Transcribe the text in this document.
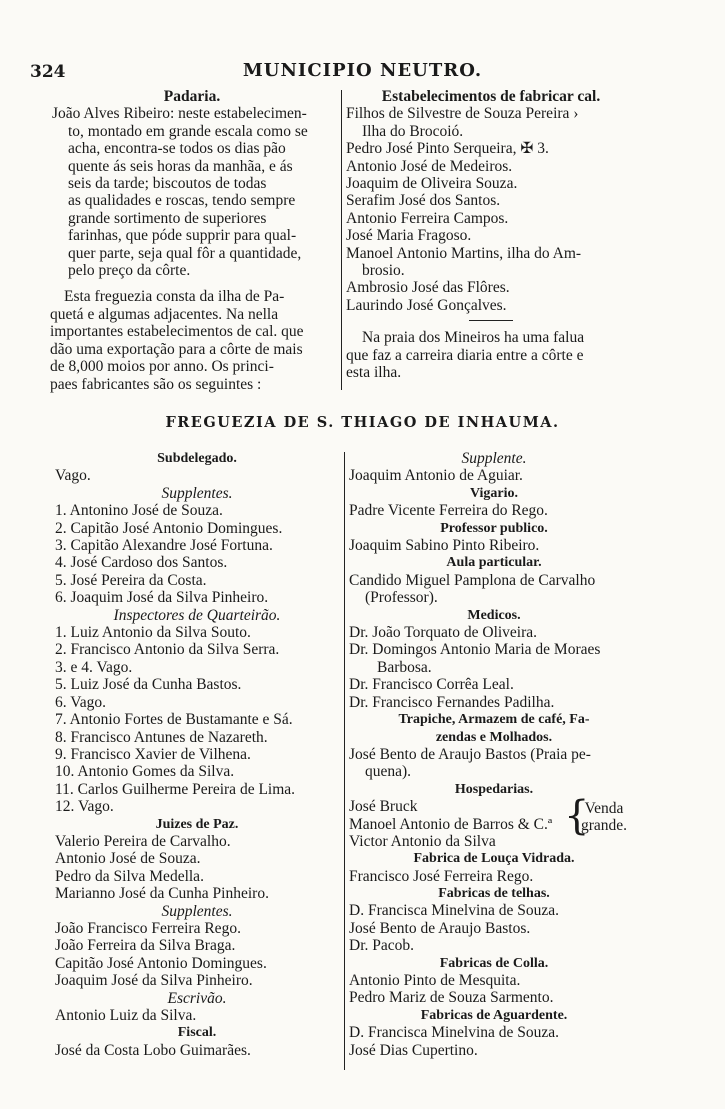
324	MUNICIPIO NEUTRO.
Padaria.
João Alves Ribeiro: neste estabelecimen-
to, montado em grande escala como se
acha, encontra-se todos os dias pão
quente ás seis horas da manhãa, e ás
seis da tarde; biscoutos de todas
as qualidades e roscas, tendo sempre
grande sortimento de superiores
farinhas, que póde supprir para qual-
quer parte, seja qual fôr a quantidade,
pelo preço da côrte.
Esta freguezia consta da ilha de Pa-
quetá e algumas adjacentes. Na nella
importantes estabelecimentos de cal. que
dão uma exportação para a côrte de mais
de 8,000 moios por anno. Os princi-
paes fabricantes são os seguintes :
Estabelecimentos de fabricar cal.
Filhos de Silvestre de Souza Pereira ›
Ilha do Brocoió.
Pedro José Pinto Serqueira, ✠ 3.
Antonio José de Medeiros.
Joaquim de Oliveira Souza.
Serafim José dos Santos.
Antonio Ferreira Campos.
José Maria Fragoso.
Manoel Antonio Martins, ilha do Am-
brosio.
Ambrosio José das Flôres.
Laurindo José Gonçalves.
Na praia dos Mineiros ha uma falua
que faz a carreira diaria entre a côrte e
esta ilha.
FREGUEZIA DE S. THIAGO DE INHAUMA.
Subdelegado.
Vago.
Supplentes.
1. Antonino José de Souza.
2. Capitão José Antonio Domingues.
3. Capitão Alexandre José Fortuna.
4. José Cardoso dos Santos.
5. José Pereira da Costa.
6. Joaquim José da Silva Pinheiro.
Inspectores de Quarteirão.
1. Luiz Antonio da Silva Souto.
2. Francisco Antonio da Silva Serra.
3. e 4. Vago.
5. Luiz José da Cunha Bastos.
6. Vago.
7. Antonio Fortes de Bustamante e Sá.
8. Francisco Antunes de Nazareth.
9. Francisco Xavier de Vilhena.
10. Antonio Gomes da Silva.
11. Carlos Guilherme Pereira de Lima.
12. Vago.
Juizes de Paz.
Valerio Pereira de Carvalho.
Antonio José de Souza.
Pedro da Silva Medella.
Marianno José da Cunha Pinheiro.
Supplentes.
João Francisco Ferreira Rego.
João Ferreira da Silva Braga.
Capitão José Antonio Domingues.
Joaquim José da Silva Pinheiro.
Escrivão.
Antonio Luiz da Silva.
Fiscal.
José da Costa Lobo Guimarães.
Supplente.
Joaquim Antonio de Aguiar.
Vigario.
Padre Vicente Ferreira do Rego.
Professor publico.
Joaquim Sabino Pinto Ribeiro.
Aula particular.
Candido Miguel Pamplona de Carvalho
(Professor).
Medicos.
Dr. João Torquato de Oliveira.
Dr. Domingos Antonio Maria de Moraes
Barbosa.
Dr. Francisco Corrêa Leal.
Dr. Francisco Fernandes Padilha.
Trapiche, Armazem de café, Fa-
zendas e Molhados.
José Bento de Araujo Bastos (Praia pe-
quena).
Hospedarias.
José Bruck
Manoel Antonio de Barros & C.ª
Victor Antonio da Silva
{
Venda
grande.
Fabrica de Louça Vidrada.
Francisco José Ferreira Rego.
Fabricas de telhas.
D. Francisca Minelvina de Souza.
José Bento de Araujo Bastos.
Dr. Pacob.
Fabricas de Colla.
Antonio Pinto de Mesquita.
Pedro Mariz de Souza Sarmento.
Fabricas de Aguardente.
D. Francisca Minelvina de Souza.
José Dias Cupertino.
